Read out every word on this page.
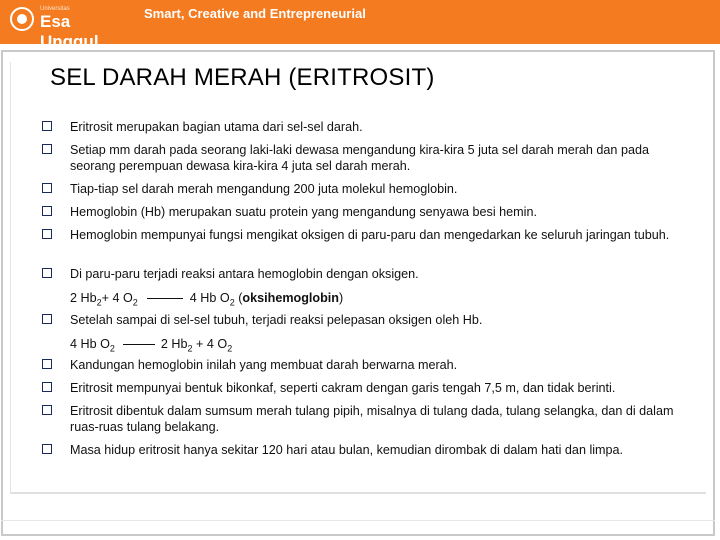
Universitas
Esa Unggul
Smart, Creative and Entrepreneurial
SEL DARAH MERAH (ERITROSIT)
Eritrosit merupakan bagian utama dari sel-sel darah.
Setiap mm darah pada seorang laki-laki dewasa mengandung kira-kira 5 juta sel darah merah dan pada seorang perempuan dewasa kira-kira 4 juta sel darah merah.
Tiap-tiap sel darah merah mengandung 200 juta molekul hemoglobin.
Hemoglobin (Hb) merupakan suatu protein yang mengandung senyawa besi hemin.
Hemoglobin mempunyai fungsi mengikat oksigen di paru-paru dan mengedarkan ke seluruh jaringan tubuh.
Di paru-paru terjadi reaksi antara hemoglobin dengan oksigen.
2 $Hb_2+ 4$ $O_2$	4 Hb $O_2$ (oksihemoglobin)
Setelah sampai di sel-sel tubuh, terjadi reaksi pelepasan oksigen oleh Hb.
4 Hb $O_2$	2 $Hb_2 + 4$ $O_2$
Kandungan hemoglobin inilah yang membuat darah berwarna merah.
Eritrosit mempunyai bentuk bikonkaf, seperti cakram dengan garis tengah 7,5 m, dan tidak berinti.
Eritrosit dibentuk dalam sumsum merah tulang pipih, misalnya di tulang dada, tulang selangka, dan di dalam ruas-ruas tulang belakang.
Masa hidup eritrosit hanya sekitar 120 hari atau bulan, kemudian dirombak di dalam hati dan limpa.
